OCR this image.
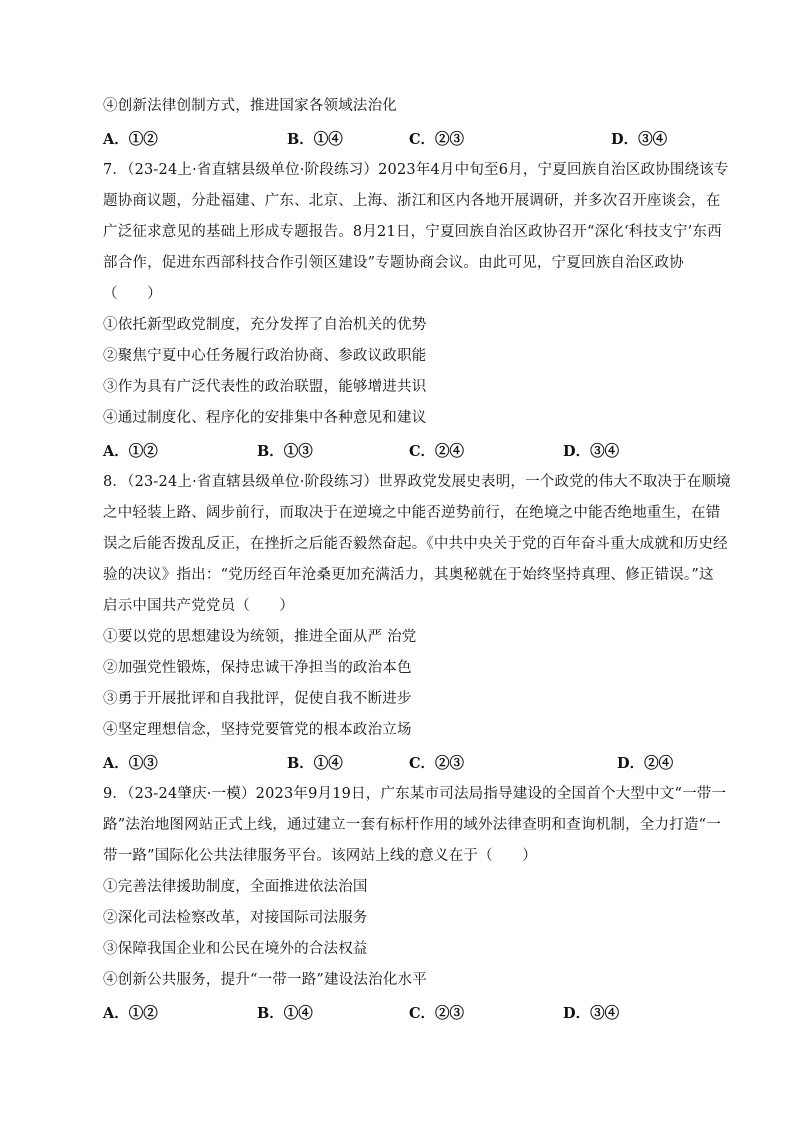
④创新法律创制方式，推进国家各领域法治化
A．①②	B．①④	C．②③	D．③④
7．（23-24上·省直辖县级单位·阶段练习）2023年4月中旬至6月，宁夏回族自治区政协围绕该专
题协商议题，分赴福建、广东、北京、上海、浙江和区内各地开展调研，并多次召开座谈会，在
广泛征求意见的基础上形成专题报告。8月21日，宁夏回族自治区政协召开“深化‘科技支宁’东西
部合作，促进东西部科技合作引领区建设”专题协商会议。由此可见，宁夏回族自治区政协
（　　）
①依托新型政党制度，充分发挥了自治机关的优势
②聚焦宁夏中心任务履行政治协商、参政议政职能
③作为具有广泛代表性的政治联盟，能够增进共识
④通过制度化、程序化的安排集中各种意见和建议
A．①②	B．①③	C．②④	D．③④
8．（23-24上·省直辖县级单位·阶段练习）世界政党发展史表明，一个政党的伟大不取决于在顺境
之中轻装上路、阔步前行，而取决于在逆境之中能否逆势前行，在绝境之中能否绝地重生，在错
误之后能否拨乱反正，在挫折之后能否毅然奋起。《中共中央关于党的百年奋斗重大成就和历史经
验的决议》指出：“党历经百年沧桑更加充满活力，其奥秘就在于始终坚持真理、修正错误。”这
启示中国共产党党员（　　）
①要以党的思想建设为统领，推进全面从严 治党
②加强党性锻炼，保持忠诚干净担当的政治本色
③勇于开展批评和自我批评，促使自我不断进步
④坚定理想信念，坚持党要管党的根本政治立场
A．①③	B．①④	C．②③	D．②④
9．（23-24肇庆·一模）2023年9月19日，广东某市司法局指导建设的全国首个大型中文“一带一
路”法治地图网站正式上线，通过建立一套有标杆作用的域外法律查明和查询机制，全力打造“一
带一路”国际化公共法律服务平台。该网站上线的意义在于（　　）
①完善法律援助制度，全面推进依法治国
②深化司法检察改革，对接国际司法服务
③保障我国企业和公民在境外的合法权益
④创新公共服务，提升“一带一路”建设法治化水平
A．①②	B．①④	C．②③	D．③④
